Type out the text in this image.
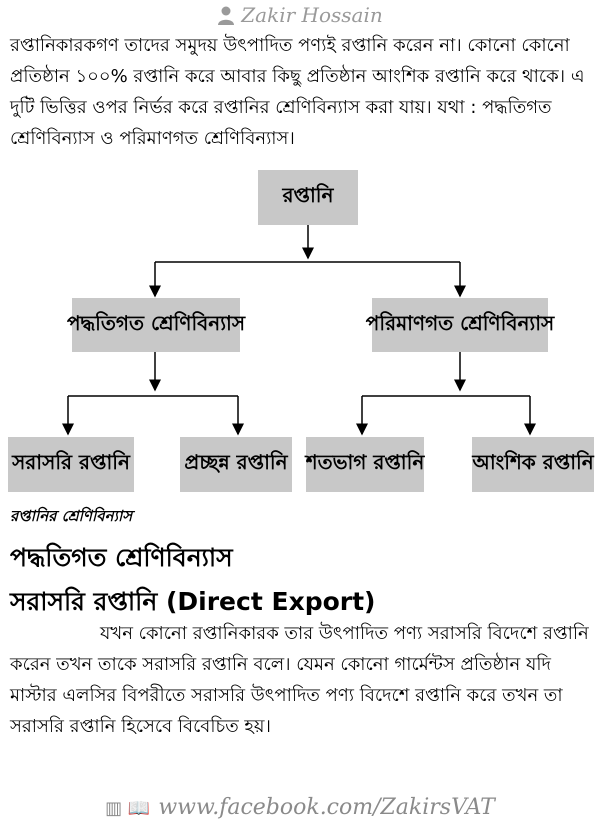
Zakir Hossain
রপ্তানিকারকগণ তাদের সমুদয় উৎপাদিত পণ্যই রপ্তানি করেন না। কোনো কোনো প্রতিষ্ঠান ১০০% রপ্তানি করে আবার কিছু প্রতিষ্ঠান আংশিক রপ্তানি করে থাকে। এ দুটি ভিত্তির ওপর নির্ভর করে রপ্তানির শ্রেণিবিন্যাস করা যায়। যথা : পদ্ধতিগত শ্রেণিবিন্যাস ও পরিমাণগত শ্রেণিবিন্যাস।
রপ্তানি
পদ্ধতিগত শ্রেণিবিন্যাস	পরিমাণগত শ্রেণিবিন্যাস
সরাসরি রপ্তানি	প্রচ্ছন্ন রপ্তানি শতভাগ রপ্তানি আংশিক রপ্তানি
রপ্তানির শ্রেণিবিন্যাস
পদ্ধতিগত শ্রেণিবিন্যাস
সরাসরি রপ্তানি (Direct Export)
যখন কোনো রপ্তানিকারক তার উৎপাদিত পণ্য সরাসরি বিদেশে রপ্তানি করেন তখন তাকে সরাসরি রপ্তানি বলে। যেমন কোনো গার্মেন্টস প্রতিষ্ঠান যদি মাস্টার এলসির বিপরীতে সরাসরি উৎপাদিত পণ্য বিদেশে রপ্তানি করে তখন তা সরাসরি রপ্তানি হিসেবে বিবেচিত হয়।
▥ 📖 www.facebook.com/ZakirsVAT
